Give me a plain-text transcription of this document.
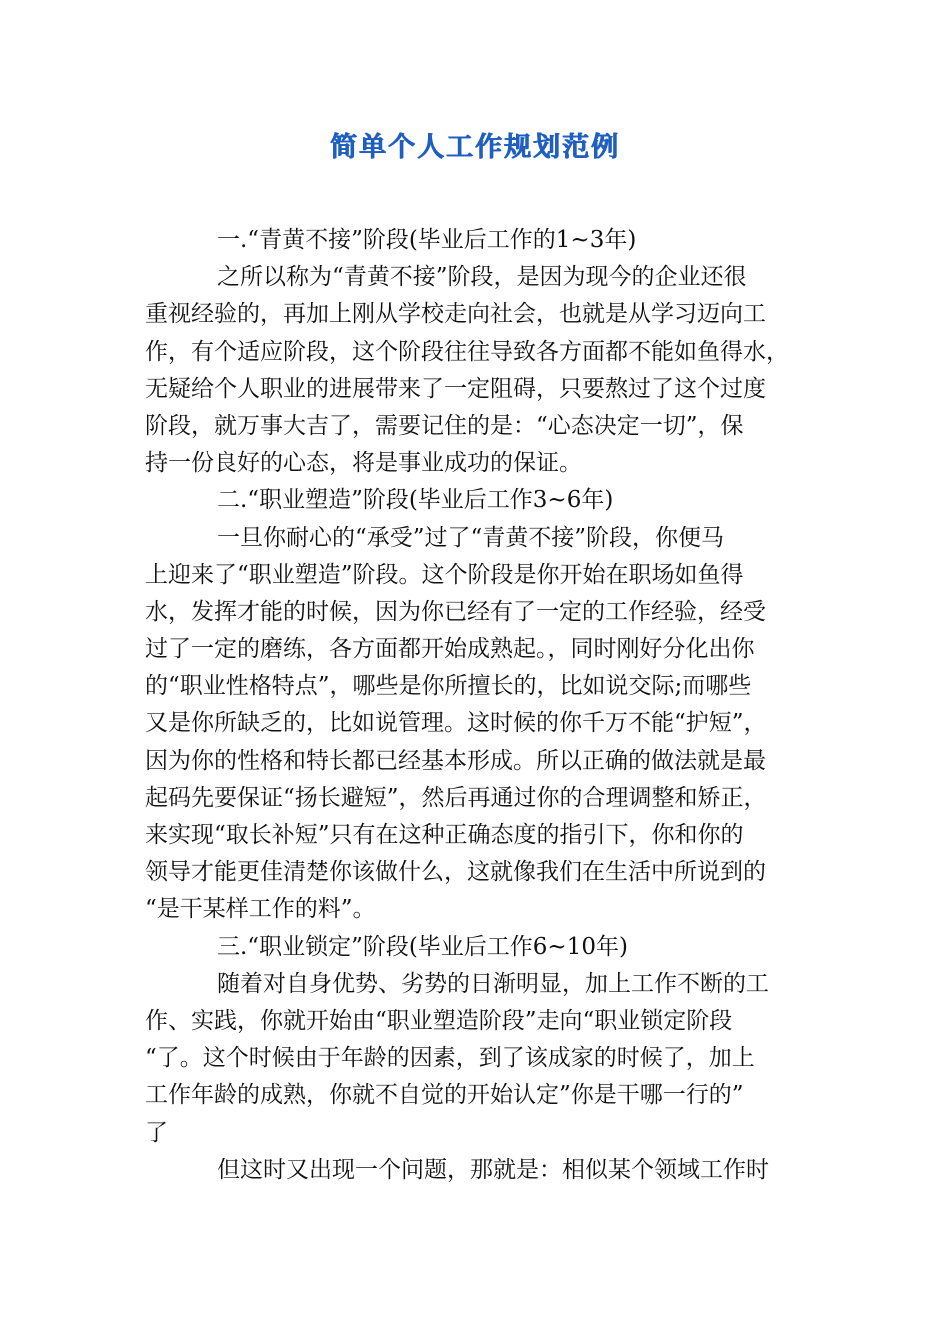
简单个人工作规划范例
一.“青黄不接”阶段(毕业后工作的1~3年)
之所以称为“青黄不接”阶段，是因为现今的企业还很
重视经验的，再加上刚从学校走向社会，也就是从学习迈向工
作，有个适应阶段，这个阶段往往导致各方面都不能如鱼得水，
无疑给个人职业的进展带来了一定阻碍，只要熬过了这个过度
阶段，就万事大吉了，需要记住的是：“心态决定一切”，保
持一份良好的心态，将是事业成功的保证。
二.“职业塑造”阶段(毕业后工作3~6年)
一旦你耐心的“承受”过了“青黄不接”阶段，你便马
上迎来了“职业塑造”阶段。这个阶段是你开始在职场如鱼得
水，发挥才能的时候，因为你已经有了一定的工作经验，经受
过了一定的磨练，各方面都开始成熟起。，同时刚好分化出你
的“职业性格特点”，哪些是你所擅长的，比如说交际;而哪些
又是你所缺乏的，比如说管理。这时候的你千万不能“护短”，
因为你的性格和特长都已经基本形成。所以正确的做法就是最
起码先要保证“扬长避短”，然后再通过你的合理调整和矫正，
来实现“取长补短”只有在这种正确态度的指引下，你和你的
领导才能更佳清楚你该做什么，这就像我们在生活中所说到的
“是干某样工作的料”。
三.“职业锁定”阶段(毕业后工作6~10年)
随着对自身优势、劣势的日渐明显，加上工作不断的工
作、实践，你就开始由“职业塑造阶段”走向“职业锁定阶段
“了。这个时候由于年龄的因素，到了该成家的时候了，加上
工作年龄的成熟，你就不自觉的开始认定”你是干哪一行的”
了
但这时又出现一个问题，那就是：相似某个领域工作时
